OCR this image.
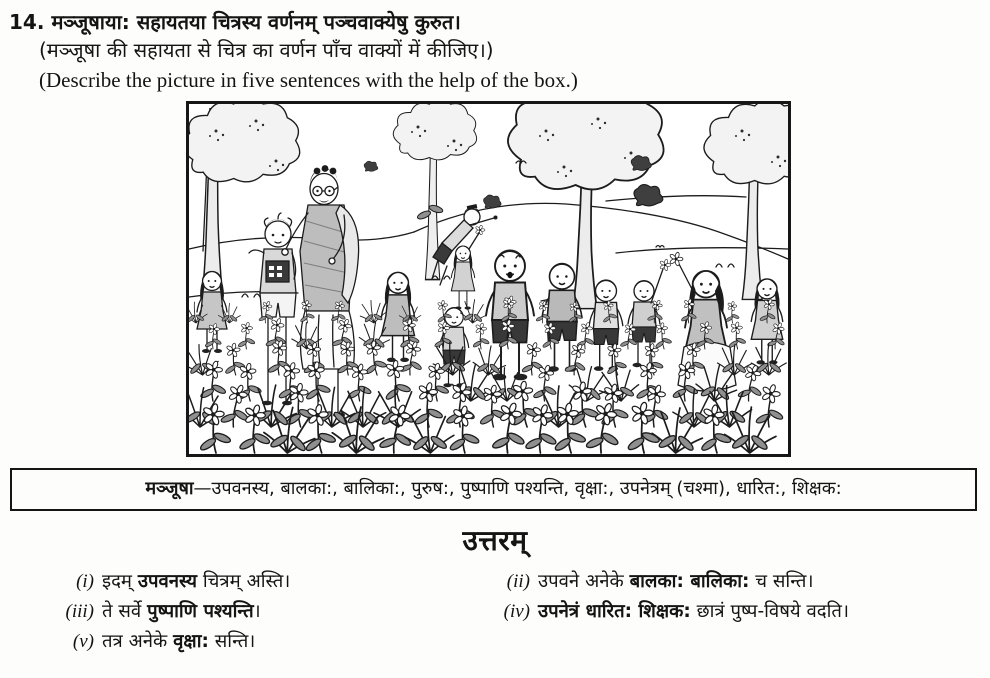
14. मञ्जूषाया: सहायतया चित्रस्य वर्णनम् पञ्चवाक्येषु कुरुत।
(मञ्जूषा की सहायता से चित्र का वर्णन पाँच वाक्यों में कीजिए।)
(Describe the picture in five sentences with the help of the box.)
मञ्जूषा—उपवनस्य, बालका:, बालिका:, पुरुष:, पुष्पाणि पश्यन्ति, वृक्षा:, उपनेत्रम् (चश्मा), धारित:, शिक्षक:
उत्तरम्
(i) इदम् उपवनस्य चित्रम् अस्ति।	(ii) उपवने अनेके बालका: बालिका: च सन्ति।
(iii) ते सर्वे पुष्पाणि पश्यन्ति।	(iv) उपनेत्रं धारित: शिक्षक: छात्रं पुष्प-विषये वदति।
(v) तत्र अनेके वृक्षा: सन्ति।
